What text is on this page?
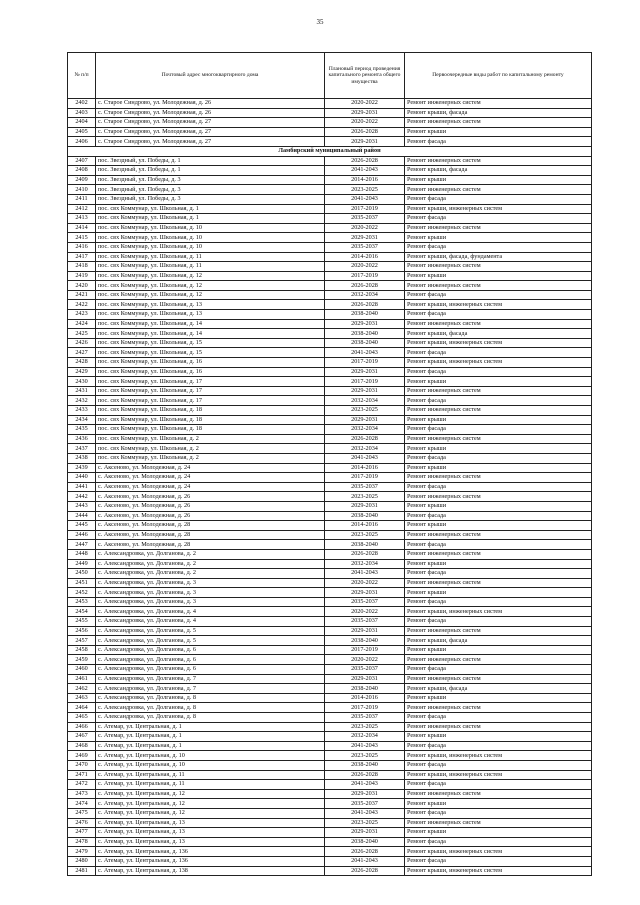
35
№ п/п	Почтовый адрес многоквартирного дома	Плановый период проведения капитального ремонта общего имущества	Первоочередные виды работ по капитальному ремонту
2402	с. Старое Синдрово, ул. Молодежная, д. 26	2020-2022	Ремонт инженерных систем
2403	с. Старое Синдрово, ул. Молодежная, д. 26	2029-2031	Ремонт крыши, фасада
2404	с. Старое Синдрово, ул. Молодежная, д. 27	2020-2022	Ремонт инженерных систем
2405	с. Старое Синдрово, ул. Молодежная, д. 27	2026-2028	Ремонт крыши
2406	с. Старое Синдрово, ул. Молодежная, д. 27	2029-2031	Ремонт фасада
Ламбирский муниципальный район			
2407	пос. Звездный, ул. Победы, д. 1	2026-2028	Ремонт инженерных систем
2408	пос. Звездный, ул. Победы, д. 1	2041-2043	Ремонт крыши, фасада
2409	пос. Звездный, ул. Победы, д. 3	2014-2016	Ремонт крыши
2410	пос. Звездный, ул. Победы, д. 3	2023-2025	Ремонт инженерных систем
2411	пос. Звездный, ул. Победы, д. 3	2041-2043	Ремонт фасада
2412	пос. свх Коммунар, ул. Школьная, д. 1	2017-2019	Ремонт крыши, инженерных систем
2413	пос. свх Коммунар, ул. Школьная, д. 1	2035-2037	Ремонт фасада
2414	пос. свх Коммунар, ул. Школьная, д. 10	2020-2022	Ремонт инженерных систем
2415	пос. свх Коммунар, ул. Школьная, д. 10	2029-2031	Ремонт крыши
2416	пос. свх Коммунар, ул. Школьная, д. 10	2035-2037	Ремонт фасада
2417	пос. свх Коммунар, ул. Школьная, д. 11	2014-2016	Ремонт крыши, фасада, фундамента
2418	пос. свх Коммунар, ул. Школьная, д. 11	2020-2022	Ремонт инженерных систем
2419	пос. свх Коммунар, ул. Школьная, д. 12	2017-2019	Ремонт крыши
2420	пос. свх Коммунар, ул. Школьная, д. 12	2026-2028	Ремонт инженерных систем
2421	пос. свх Коммунар, ул. Школьная, д. 12	2032-2034	Ремонт фасада
2422	пос. свх Коммунар, ул. Школьная, д. 13	2026-2028	Ремонт крыши, инженерных систем
2423	пос. свх Коммунар, ул. Школьная, д. 13	2038-2040	Ремонт фасада
2424	пос. свх Коммунар, ул. Школьная, д. 14	2029-2031	Ремонт инженерных систем
2425	пос. свх Коммунар, ул. Школьная, д. 14	2038-2040	Ремонт крыши, фасада
2426	пос. свх Коммунар, ул. Школьная, д. 15	2038-2040	Ремонт крыши, инженерных систем
2427	пос. свх Коммунар, ул. Школьная, д. 15	2041-2043	Ремонт фасада
2428	пос. свх Коммунар, ул. Школьная, д. 16	2017-2019	Ремонт крыши, инженерных систем
2429	пос. свх Коммунар, ул. Школьная, д. 16	2029-2031	Ремонт фасада
2430	пос. свх Коммунар, ул. Школьная, д. 17	2017-2019	Ремонт крыши
2431	пос. свх Коммунар, ул. Школьная, д. 17	2029-2031	Ремонт инженерных систем
2432	пос. свх Коммунар, ул. Школьная, д. 17	2032-2034	Ремонт фасада
2433	пос. свх Коммунар, ул. Школьная, д. 18	2023-2025	Ремонт инженерных систем
2434	пос. свх Коммунар, ул. Школьная, д. 18	2029-2031	Ремонт крыши
2435	пос. свх Коммунар, ул. Школьная, д. 18	2032-2034	Ремонт фасада
2436	пос. свх Коммунар, ул. Школьная, д. 2	2026-2028	Ремонт инженерных систем
2437	пос. свх Коммунар, ул. Школьная, д. 2	2032-2034	Ремонт крыши
2438	пос. свх Коммунар, ул. Школьная, д. 2	2041-2043	Ремонт фасада
2439	с. Аксеново, ул. Молодежная, д. 24	2014-2016	Ремонт крыши
2440	с. Аксеново, ул. Молодежная, д. 24	2017-2019	Ремонт инженерных систем
2441	с. Аксеново, ул. Молодежная, д. 24	2035-2037	Ремонт фасада
2442	с. Аксеново, ул. Молодежная, д. 26	2023-2025	Ремонт инженерных систем
2443	с. Аксеново, ул. Молодежная, д. 26	2029-2031	Ремонт крыши
2444	с. Аксеново, ул. Молодежная, д. 26	2038-2040	Ремонт фасада
2445	с. Аксеново, ул. Молодежная, д. 28	2014-2016	Ремонт крыши
2446	с. Аксеново, ул. Молодежная, д. 28	2023-2025	Ремонт инженерных систем
2447	с. Аксеново, ул. Молодежная, д. 28	2038-2040	Ремонт фасада
2448	с. Александровка, ул. Долганова, д. 2	2026-2028	Ремонт инженерных систем
2449	с. Александровка, ул. Долганова, д. 2	2032-2034	Ремонт крыши
2450	с. Александровка, ул. Долганова, д. 2	2041-2043	Ремонт фасада
2451	с. Александровка, ул. Долганова, д. 3	2020-2022	Ремонт инженерных систем
2452	с. Александровка, ул. Долганова, д. 3	2029-2031	Ремонт крыши
2453	с. Александровка, ул. Долганова, д. 3	2035-2037	Ремонт фасада
2454	с. Александровка, ул. Долганова, д. 4	2020-2022	Ремонт крыши, инженерных систем
2455	с. Александровка, ул. Долганова, д. 4	2035-2037	Ремонт фасада
2456	с. Александровка, ул. Долганова, д. 5	2029-2031	Ремонт инженерных систем
2457	с. Александровка, ул. Долганова, д. 5	2038-2040	Ремонт крыши, фасада
2458	с. Александровка, ул. Долганова, д. 6	2017-2019	Ремонт крыши
2459	с. Александровка, ул. Долганова, д. 6	2020-2022	Ремонт инженерных систем
2460	с. Александровка, ул. Долганова, д. 6	2035-2037	Ремонт фасада
2461	с. Александровка, ул. Долганова, д. 7	2029-2031	Ремонт инженерных систем
2462	с. Александровка, ул. Долганова, д. 7	2038-2040	Ремонт крыши, фасада
2463	с. Александровка, ул. Долганова, д. 8	2014-2016	Ремонт крыши
2464	с. Александровка, ул. Долганова, д. 8	2017-2019	Ремонт инженерных систем
2465	с. Александровка, ул. Долганова, д. 8	2035-2037	Ремонт фасада
2466	с. Атемар, ул. Центральная, д. 1	2023-2025	Ремонт инженерных систем
2467	с. Атемар, ул. Центральная, д. 1	2032-2034	Ремонт крыши
2468	с. Атемар, ул. Центральная, д. 1	2041-2043	Ремонт фасада
2469	с. Атемар, ул. Центральная, д. 10	2023-2025	Ремонт крыши, инженерных систем
2470	с. Атемар, ул. Центральная, д. 10	2038-2040	Ремонт фасада
2471	с. Атемар, ул. Центральная, д. 11	2026-2028	Ремонт крыши, инженерных систем
2472	с. Атемар, ул. Центральная, д. 11	2041-2043	Ремонт фасада
2473	с. Атемар, ул. Центральная, д. 12	2029-2031	Ремонт инженерных систем
2474	с. Атемар, ул. Центральная, д. 12	2035-2037	Ремонт крыши
2475	с. Атемар, ул. Центральная, д. 12	2041-2043	Ремонт фасада
2476	с. Атемар, ул. Центральная, д. 13	2023-2025	Ремонт инженерных систем
2477	с. Атемар, ул. Центральная, д. 13	2029-2031	Ремонт крыши
2478	с. Атемар, ул. Центральная, д. 13	2038-2040	Ремонт фасада
2479	с. Атемар, ул. Центральная, д. 136	2026-2028	Ремонт крыши, инженерных систем
2480	с. Атемар, ул. Центральная, д. 136	2041-2043	Ремонт фасада
2481	с. Атемар, ул. Центральная, д. 138	2026-2028	Ремонт крыши, инженерных систем
